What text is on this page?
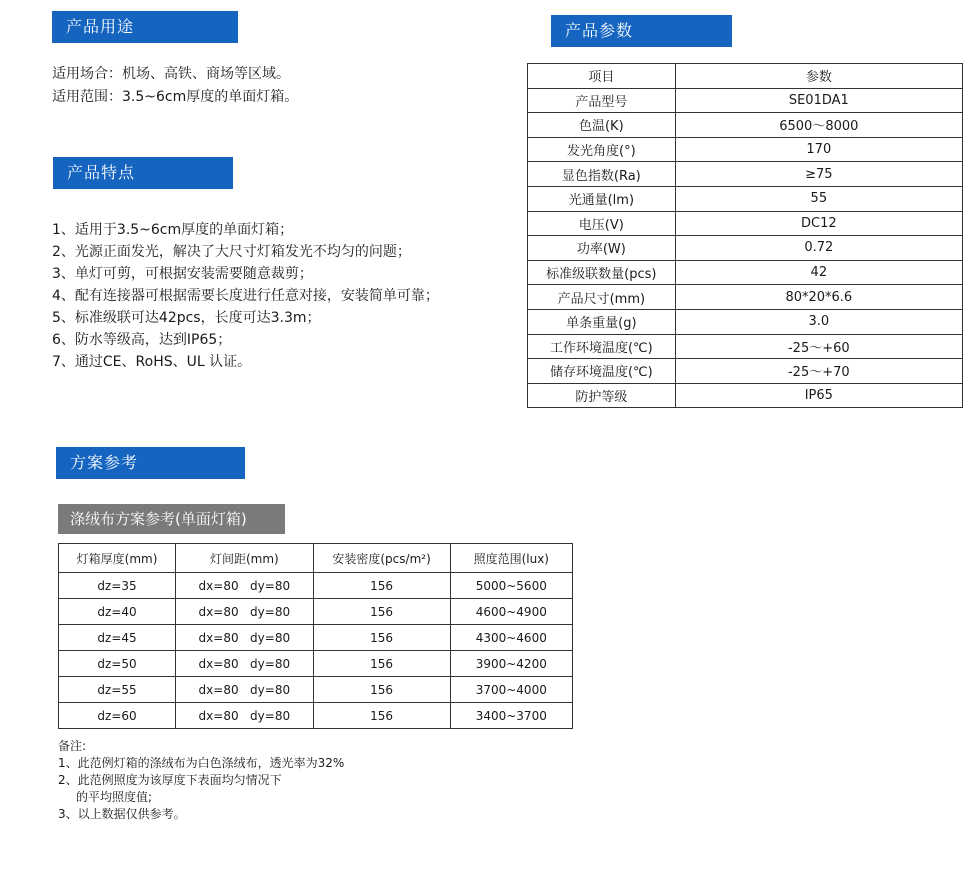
产品用途	产品参数
产品特点
方案参考
适用场合：机场、高铁、商场等区域。
适用范围：3.5~6cm厚度的单面灯箱。
1、适用于3.5~6cm厚度的单面灯箱；
2、光源正面发光，解决了大尺寸灯箱发光不均匀的问题；
3、单灯可剪，可根据安装需要随意裁剪；
4、配有连接器可根据需要长度进行任意对接，安装简单可靠；
5、标准级联可达42pcs，长度可达3.3m；
6、防水等级高，达到IP65；
7、通过CE、RoHS、UL 认证。
项目	参数
产品型号	SE01DA1
色温(K)	6500～8000
发光角度(°)	170
显色指数(Ra)	≥75
光通量(lm)	55
电压(V)	DC12
功率(W)	0.72
标准级联数量(pcs)	42
产品尺寸(mm)	80*20*6.6
单条重量(g)	3.0
工作环境温度(℃)	-25～+60
储存环境温度(℃)	-25～+70
防护等级	IP65
涤绒布方案参考(单面灯箱)
灯箱厚度(mm)	灯间距(mm)	安装密度(pcs/m²)	照度范围(lux)
dz=35	dx=80 dy=80	156	5000~5600
dz=40	dx=80 dy=80	156	4600~4900
dz=45	dx=80 dy=80	156	4300~4600
dz=50	dx=80 dy=80	156	3900~4200
dz=55	dx=80 dy=80	156	3700~4000
dz=60	dx=80 dy=80	156	3400~3700
备注:
1、此范例灯箱的涤绒布为白色涤绒布，透光率为32%
2、此范例照度为该厚度下表面均匀情况下
的平均照度值;
3、以上数据仅供参考。
